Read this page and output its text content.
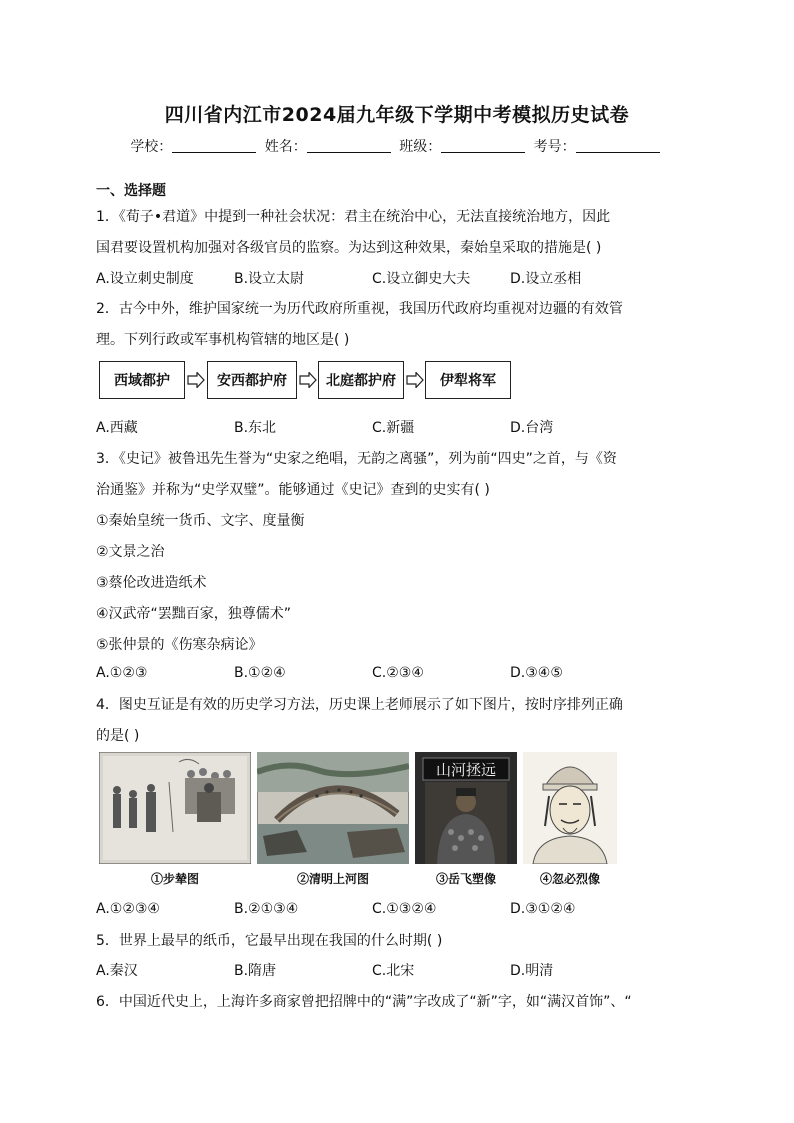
四川省内江市2024届九年级下学期中考模拟历史试卷
学校：	姓名：	班级：	考号：
一、选择题
1．《荀子•君道》中提到一种社会状况：君主在统治中心，无法直接统治地方，因此
国君要设置机构加强对各级官员的监察。为达到这种效果，秦始皇采取的措施是( )
A.设立刺史制度	B.设立太尉	C.设立御史大夫	D.设立丞相
2．古今中外，维护国家统一为历代政府所重视，我国历代政府均重视对边疆的有效管
理。下列行政或军事机构管辖的地区是( )
西域都护	安西都护府	北庭都护府	伊犁将军
A.西藏	B.东北	C.新疆	D.台湾
3．《史记》被鲁迅先生誉为“史家之绝唱，无韵之离骚”，列为前“四史”之首，与《资
治通鉴》并称为“史学双璧”。能够通过《史记》查到的史实有( )
①秦始皇统一货币、文字、度量衡
②文景之治
③蔡伦改进造纸术
④汉武帝“罢黜百家，独尊儒术”
⑤张仲景的《伤寒杂病论》
A.①②③	B.①②④	C.②③④	D.③④⑤
4．图史互证是有效的历史学习方法，历史课上老师展示了如下图片，按时序排列正确
的是( )
①步辇图	②清明上河图
山河拯远
③岳飞塑像	④忽必烈像
A.①②③④	B.②①③④	C.①③②④	D.③①②④
5．世界上最早的纸币，它最早出现在我国的什么时期( )
A.秦汉	B.隋唐	C.北宋	D.明清
6．中国近代史上，上海许多商家曾把招牌中的“满”字改成了“新”字，如“满汉首饰”、“
